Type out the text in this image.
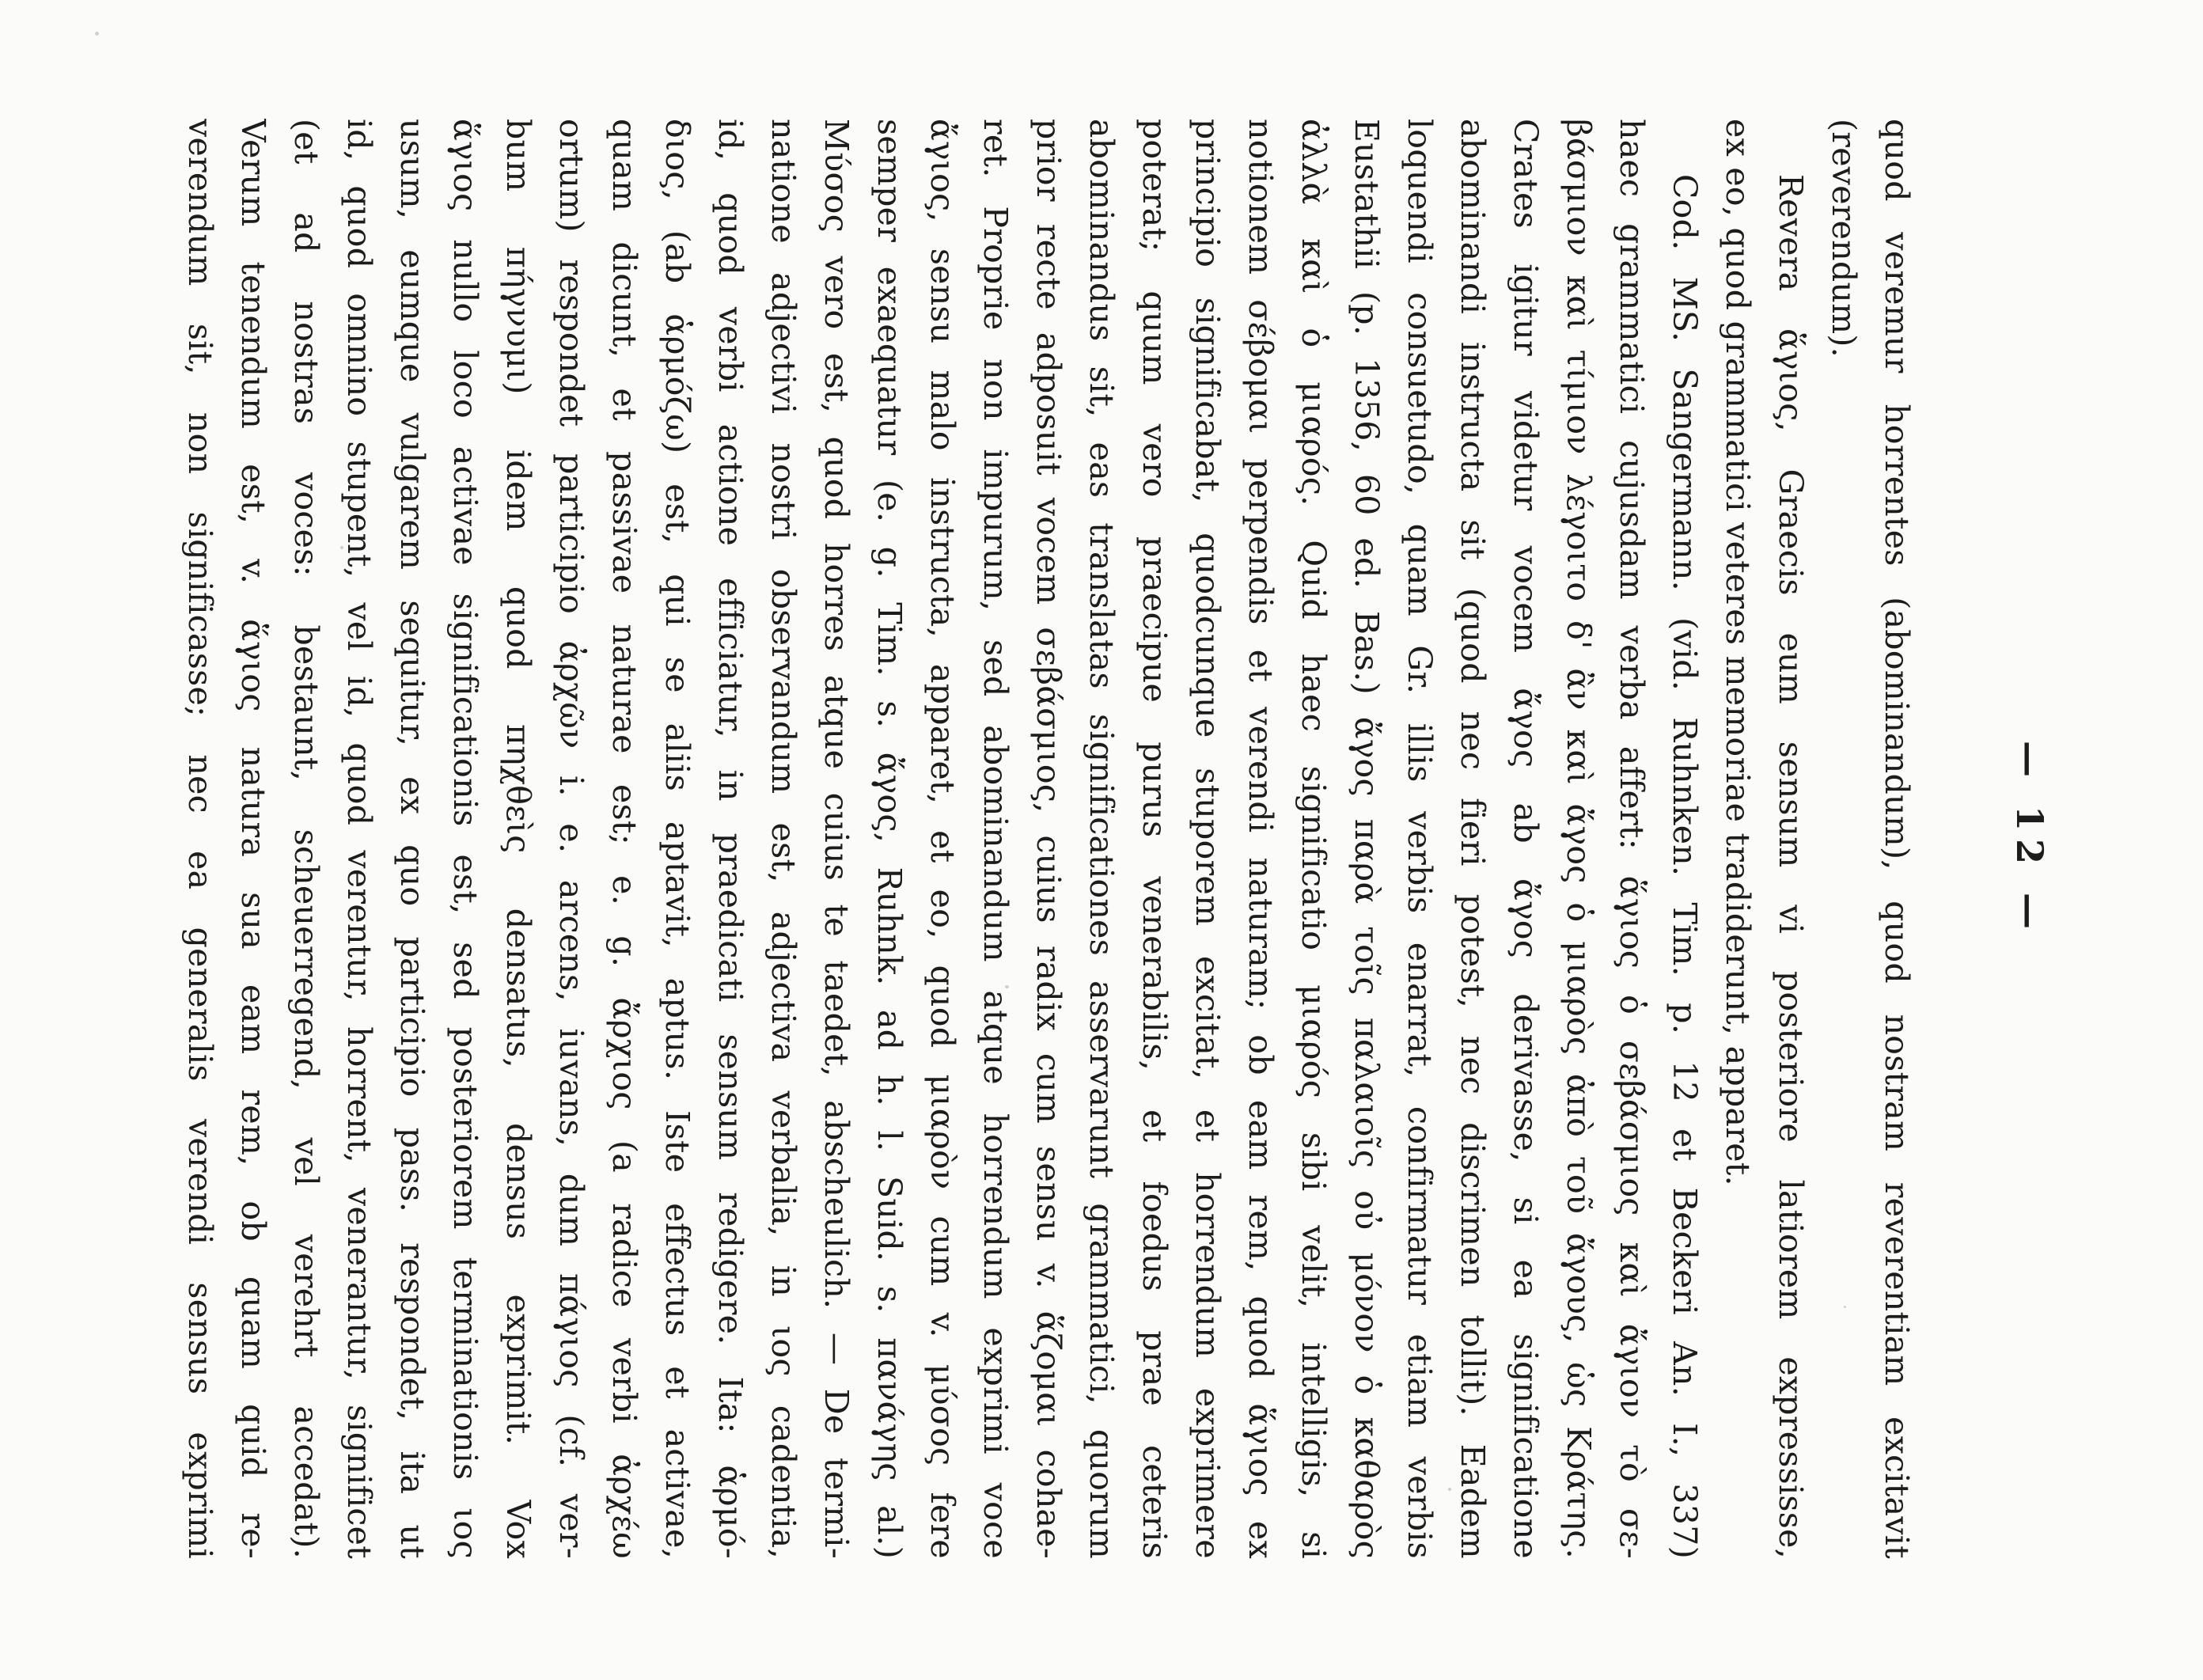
— 12 —
quod veremur horrentes (abominandum), quod nostram reverentiam excitavit
(reverendum).
Revera ἅγιος, Graecis eum sensum vi posteriore latiorem expressisse,
ex eo, quod grammatici veteres memoriae tradiderunt, apparet.
Cod. MS. Sangermann. (vid. Ruhnken. Tim. p. 12 et Beckeri An. I., 337)
haec grammatici cujusdam verba affert: ἅγιος ὁ σεβάσμιος καὶ ἄγιον τὸ σε-
βάσμιον καὶ τίμιον λέγοιτο δ' ἂν καὶ ἄγος ὁ μιαρὸς ἀπὸ τοῦ ἄγους, ὡς Κράτης.
Crates igitur videtur vocem ἄγος ab ἄγος derivasse, si ea significatione
abominandi instructa sit (quod nec fieri potest, nec discrimen tollit). Eadem
loquendi consuetudo, quam Gr. illis verbis enarrat, confirmatur etiam verbis
Eustathii (p. 1356, 60 ed. Bas.) ἄγος παρὰ τοῖς παλαιοῖς οὐ μόνον ὁ καθαρὸς
ἀλλὰ καὶ ὁ μιαρός. Quid haec significatio μιαρός sibi velit, intelligis, si
notionem σέβομαι perpendis et verendi naturam; ob eam rem, quod ἅγιος ex
principio significabat, quodcunque stuporem excitat, et horrendum exprimere
poterat; quum vero praecipue purus venerabilis, et foedus prae ceteris
abominandus sit, eas translatas significationes asservarunt grammatici, quorum
prior recte adposuit vocem σεβάσμιος, cuius radix cum sensu v. ἅζομαι cohae-
ret. Proprie non impurum, sed abominandum atque horrendum exprimi voce
ἄγιος, sensu malo instructa, apparet, et eo, quod μιαρὸν cum v. μύσος fere
semper exaequatur (e. g. Tim. s. ἄγος, Ruhnk. ad h. l. Suid. s. πανάγης al.)
Μύσος vero est, quod horres atque cuius te taedet, abscheulich. — De termi-
natione adjectivi nostri observandum est, adjectiva verbalia, in ιος cadentia,
id, quod verbi actione efficiatur, in praedicati sensum redigere. Ita: ἁρμό-
διος, (ab ἁρμόζω) est, qui se aliis aptavit, aptus. Iste effectus et activae,
quam dicunt, et passivae naturae est; e. g. ἄρχιος (a radice verbi ἀρχέω
ortum) respondet participio ἀρχῶν i. e. arcens, iuvans, dum πάγιος (cf. ver-
bum πήγνυμι) idem quod πηχθεὶς densatus, densus exprimit. Vox
ἅγιος nullo loco activae significationis est, sed posteriorem terminationis ιος
usum, eumque vulgarem sequitur, ex quo participio pass. respondet, ita ut
id, quod omnino stupent, vel id, quod verentur, horrent, venerantur, significet
(et ad nostras voces: bestaunt, scheuerregend, vel verehrt accedat).
Verum tenendum est, v. ἅγιος natura sua eam rem, ob quam quid re-
verendum sit, non significasse; nec ea generalis verendi sensus exprimi
